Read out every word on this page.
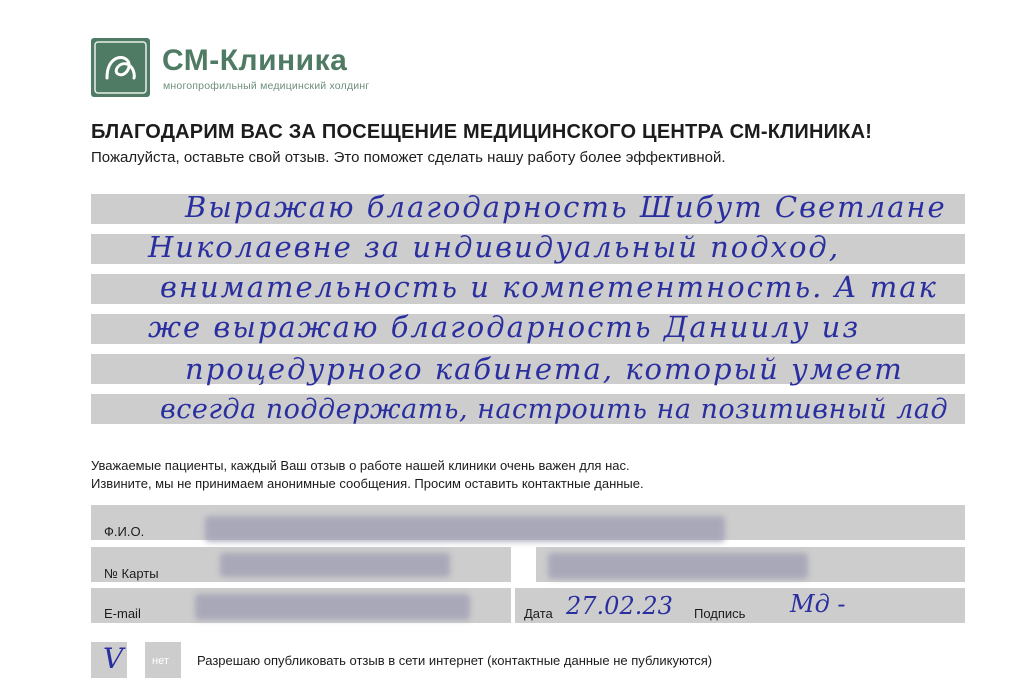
СМ-Клиника
многопрофильный медицинский холдинг
БЛАГОДАРИМ ВАС ЗА ПОСЕЩЕНИЕ МЕДИЦИНСКОГО ЦЕНТРА СМ-КЛИНИКА!
Пожалуйста, оставьте свой отзыв. Это поможет сделать нашу работу более эффективной.
Выражаю благодарность Шибут Светлане
Николаевне за индивидуальный подход,
внимательность и компетентность. А так
же выражаю благодарность Даниилу из
процедурного кабинета, который умеет
всегда поддержать, настроить на позитивный лад
Уважаемые пациенты, каждый Ваш отзыв о работе нашей клиники очень важен для нас.
Извините, мы не принимаем анонимные сообщения. Просим оставить контактные данные.
Ф.И.О.
№ Карты
E-mail	Дата 27.02.23 Подпись Мд -
V	нет Разрешаю опубликовать отзыв в сети интернет (контактные данные не публикуются)
